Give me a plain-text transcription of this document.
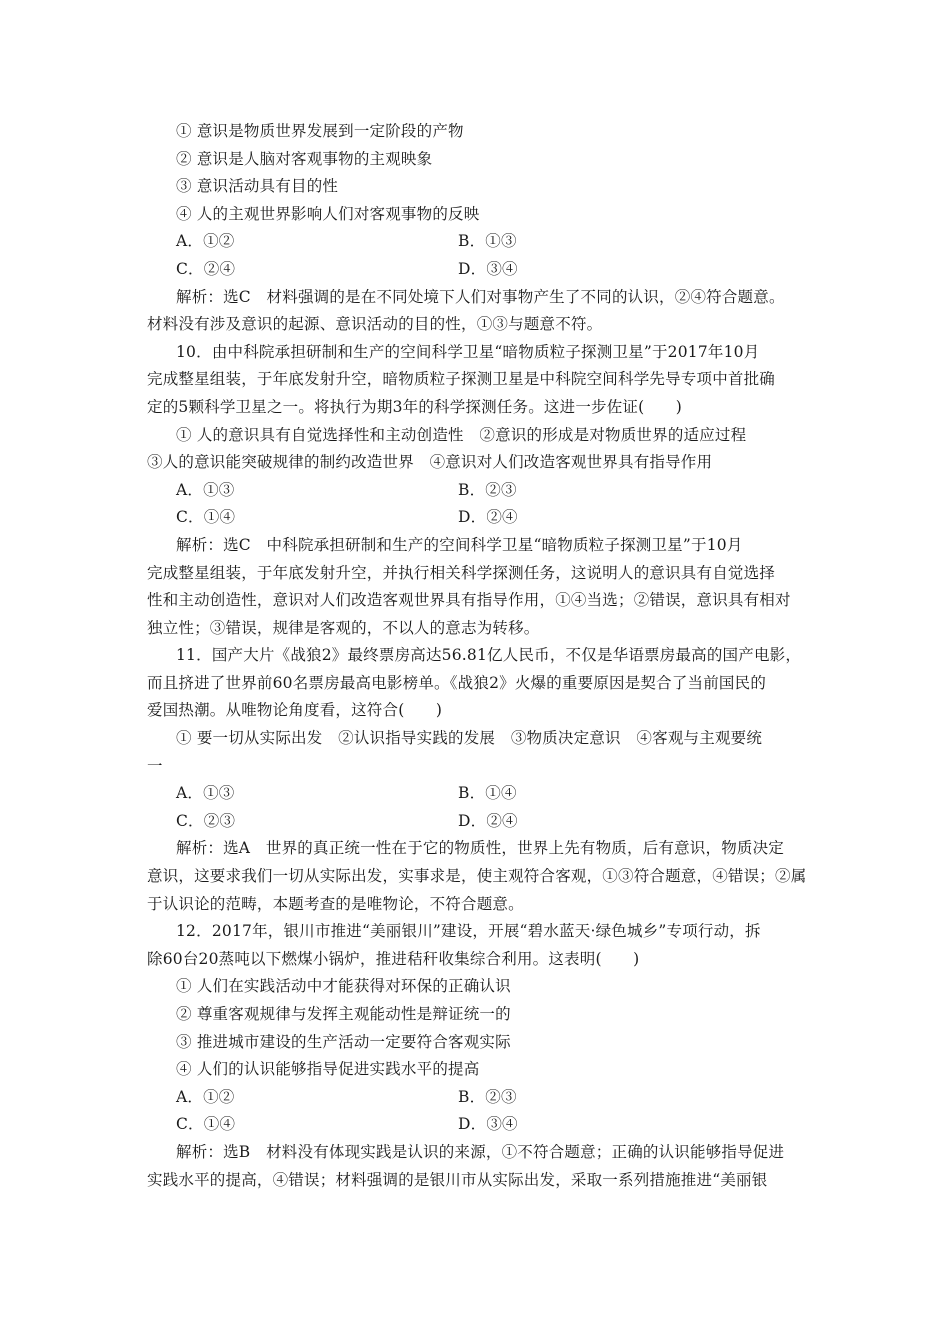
① 意识是物质世界发展到一定阶段的产物
② 意识是人脑对客观事物的主观映象
③ 意识活动具有目的性
④ 人的主观世界影响人们对客观事物的反映
A．①②	B．①③
C．②④	D．③④
解析：选C　材料强调的是在不同处境下人们对事物产生了不同的认识，②④符合题意。
材料没有涉及意识的起源、意识活动的目的性，①③与题意不符。
10．由中科院承担研制和生产的空间科学卫星“暗物质粒子探测卫星”于2017年10月
完成整星组装，于年底发射升空，暗物质粒子探测卫星是中科院空间科学先导专项中首批确
定的5颗科学卫星之一。将执行为期3年的科学探测任务。这进一步佐证(　　)
① 人的意识具有自觉选择性和主动创造性　②意识的形成是对物质世界的适应过程
③人的意识能突破规律的制约改造世界　④意识对人们改造客观世界具有指导作用
A．①③	B．②③
C．①④	D．②④
解析：选C　中科院承担研制和生产的空间科学卫星“暗物质粒子探测卫星”于10月
完成整星组装，于年底发射升空，并执行相关科学探测任务，这说明人的意识具有自觉选择
性和主动创造性，意识对人们改造客观世界具有指导作用，①④当选；②错误，意识具有相对
独立性；③错误，规律是客观的，不以人的意志为转移。
11．国产大片《战狼2》最终票房高达56.81亿人民币，不仅是华语票房最高的国产电影，
而且挤进了世界前60名票房最高电影榜单。《战狼2》火爆的重要原因是契合了当前国民的
爱国热潮。从唯物论角度看，这符合(　　)
① 要一切从实际出发　②认识指导实践的发展　③物质决定意识　④客观与主观要统
一
A．①③	B．①④
C．②③	D．②④
解析：选A　世界的真正统一性在于它的物质性，世界上先有物质，后有意识，物质决定
意识，这要求我们一切从实际出发，实事求是，使主观符合客观，①③符合题意，④错误；②属
于认识论的范畴，本题考查的是唯物论，不符合题意。
12．2017年，银川市推进“美丽银川”建设，开展“碧水蓝天·绿色城乡”专项行动，拆
除60台20蒸吨以下燃煤小锅炉，推进秸秆收集综合利用。这表明(　　)
① 人们在实践活动中才能获得对环保的正确认识
② 尊重客观规律与发挥主观能动性是辩证统一的
③ 推进城市建设的生产活动一定要符合客观实际
④ 人们的认识能够指导促进实践水平的提高
A．①②	B．②③
C．①④	D．③④
解析：选B　材料没有体现实践是认识的来源，①不符合题意；正确的认识能够指导促进
实践水平的提高，④错误；材料强调的是银川市从实际出发，采取一系列措施推进“美丽银
